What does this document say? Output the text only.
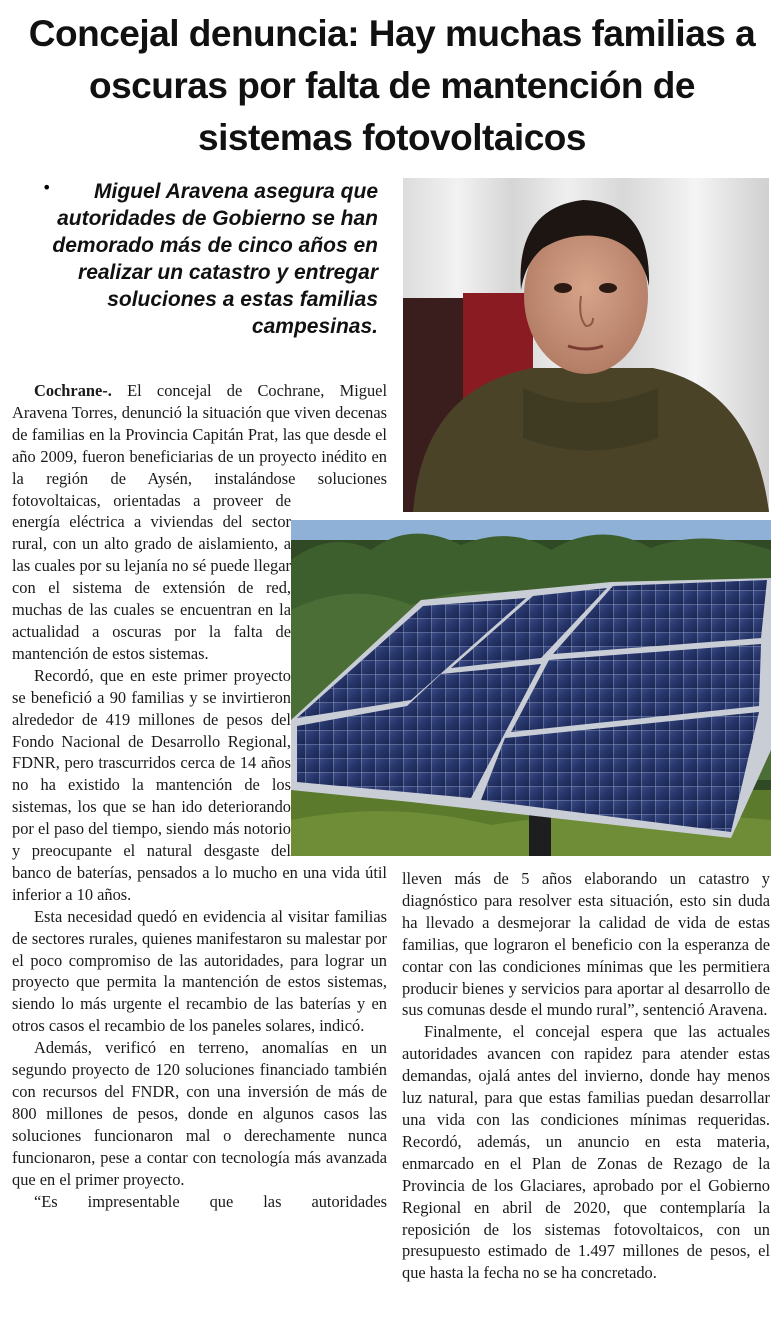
Concejal denuncia: Hay muchas familias a oscuras por falta de mantención de sistemas fotovoltaicos
•	Miguel Aravena asegura que autoridades de Gobierno se han demorado más de cinco años en realizar un catastro y entregar soluciones a estas familias campesinas.

Cochrane-. El concejal de Cochrane, Miguel Aravena Torres, denunció la situación que viven decenas de familias en la Provincia Capitán Prat, las que desde el año 2009, fueron beneficiarias de un proyecto inédito en la región de Aysén, instalándose soluciones fotovoltaicas, orientadas a proveer de energía eléctrica a viviendas del sector rural, con un alto grado de aislamiento, a las cuales por su lejanía no sé puede llegar con el sistema de extensión de red, muchas de las cuales se encuentran en la actualidad a oscuras por la falta de mantención de estos sistemas.

Recordó, que en este primer proyecto se benefició a 90 familias y se invirtieron alrededor de 419 millones de pesos del Fondo Nacional de Desarrollo Regional, FDNR, pero trascurridos cerca de 14 años no ha existido la mantención de los sistemas, los que se han ido deteriorando por el paso del tiempo, siendo más notorio y preocupante el natural desgaste del banco de baterías, pensados a lo mucho en una vida útil inferior a 10 años.

Esta necesidad quedó en evidencia al visitar familias de sectores rurales, quienes manifestaron su malestar por el poco compromiso de las autoridades, para lograr un proyecto que permita la mantención de estos sistemas, siendo lo más urgente el recambio de las baterías y en otros casos el recambio de los paneles solares, indicó.

Además, verificó en terreno, anomalías en un segundo proyecto de 120 soluciones financiado también con recursos del FNDR, con una inversión de más de 800 millones de pesos, donde en algunos casos las soluciones funcionaron mal o derechamente nunca funcionaron, pese a contar con tecnología más avanzada que en el primer proyecto.

“Es impresentable que las autoridades

lleven más de 5 años elaborando un catastro y diagnóstico para resolver esta situación, esto sin duda ha llevado a desmejorar la calidad de vida de estas familias, que lograron el beneficio con la esperanza de contar con las condiciones mínimas que les permitiera producir bienes y servicios para aportar al desarrollo de sus comunas desde el mundo rural”, sentenció Aravena.

Finalmente, el concejal espera que las actuales autoridades avancen con rapidez para atender estas demandas, ojalá antes del invierno, donde hay menos luz natural, para que estas familias puedan desarrollar una vida con las condiciones mínimas requeridas. Recordó, además, un anuncio en esta materia, enmarcado en el Plan de Zonas de Rezago de la Provincia de los Glaciares, aprobado por el Gobierno Regional en abril de 2020, que contemplaría la reposición de los sistemas fotovoltaicos, con un presupuesto estimado de 1.497 millones de pesos, el que hasta la fecha no se ha concretado.
